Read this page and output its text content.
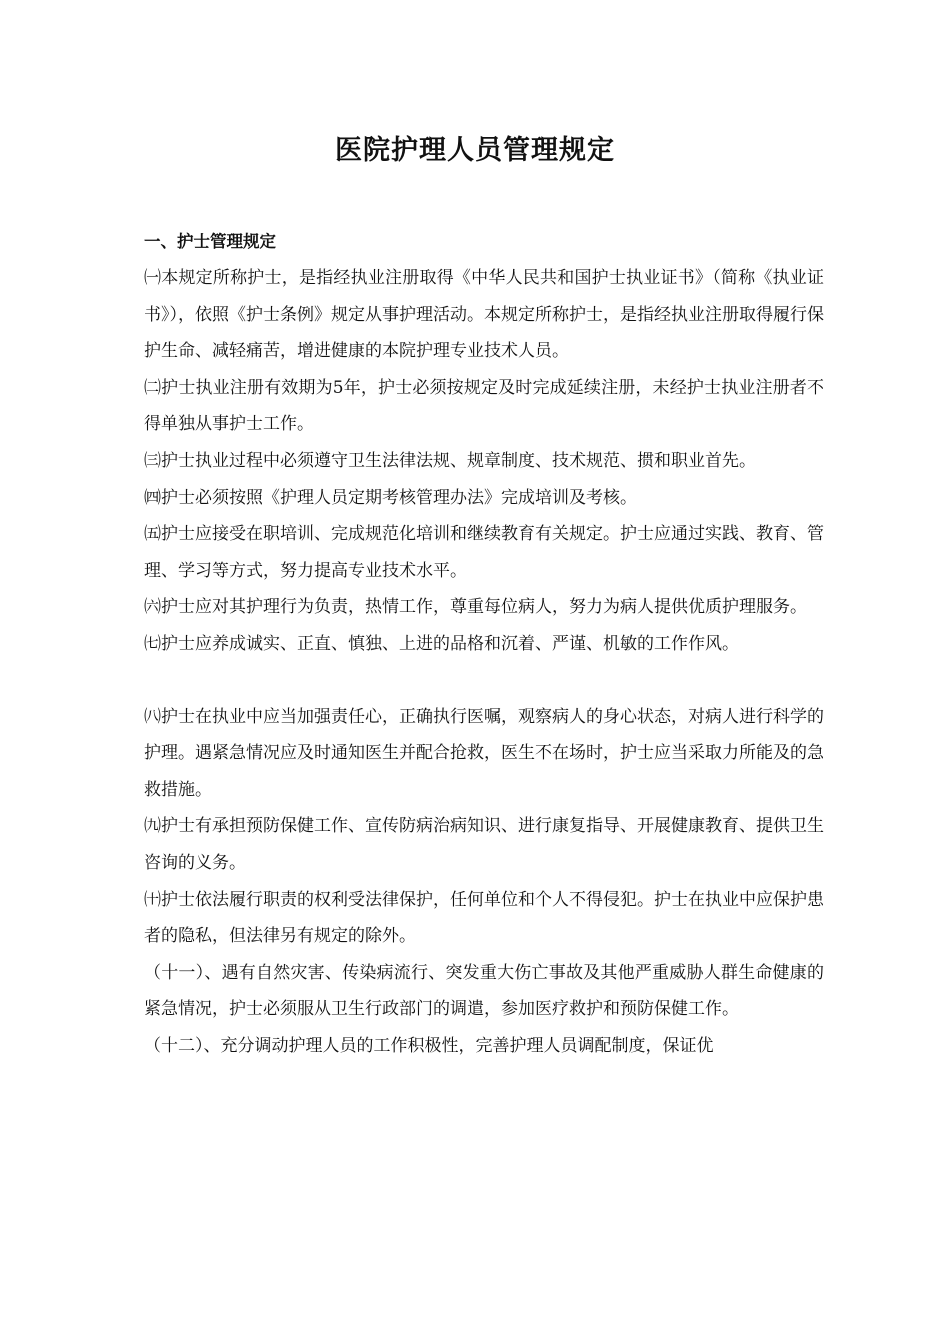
医院护理人员管理规定
一、护士管理规定

㈠本规定所称护士，是指经执业注册取得《中华人民共和国护士执业证书》（简称《执业证书》），依照《护士条例》规定从事护理活动。本规定所称护士，是指经执业注册取得履行保护生命、减轻痛苦，增进健康的本院护理专业技术人员。

㈡护士执业注册有效期为5年，护士必须按规定及时完成延续注册，未经护士执业注册者不得单独从事护士工作。

㈢护士执业过程中必须遵守卫生法律法规、规章制度、技术规范、掼和职业首先。

㈣护士必须按照《护理人员定期考核管理办法》完成培训及考核。

㈤护士应接受在职培训、完成规范化培训和继续教育有关规定。护士应通过实践、教育、管理、学习等方式，努力提高专业技术水平。

㈥护士应对其护理行为负责，热情工作，尊重每位病人，努力为病人提供优质护理服务。

㈦护士应养成诚实、正直、慎独、上进的品格和沉着、严谨、机敏的工作作风。

㈧护士在执业中应当加强责任心，正确执行医嘱，观察病人的身心状态，对病人进行科学的护理。遇紧急情况应及时通知医生并配合抢救，医生不在场时，护士应当采取力所能及的急救措施。

㈨护士有承担预防保健工作、宣传防病治病知识、进行康复指导、开展健康教育、提供卫生咨询的义务。

㈩护士依法履行职责的权利受法律保护，任何单位和个人不得侵犯。护士在执业中应保护患者的隐私，但法律另有规定的除外。

（十一）、遇有自然灾害、传染病流行、突发重大伤亡事故及其他严重威胁人群生命健康的紧急情况，护士必须服从卫生行政部门的调遣，参加医疗救护和预防保健工作。

（十二）、充分调动护理人员的工作积极性，完善护理人员调配制度，保证优
